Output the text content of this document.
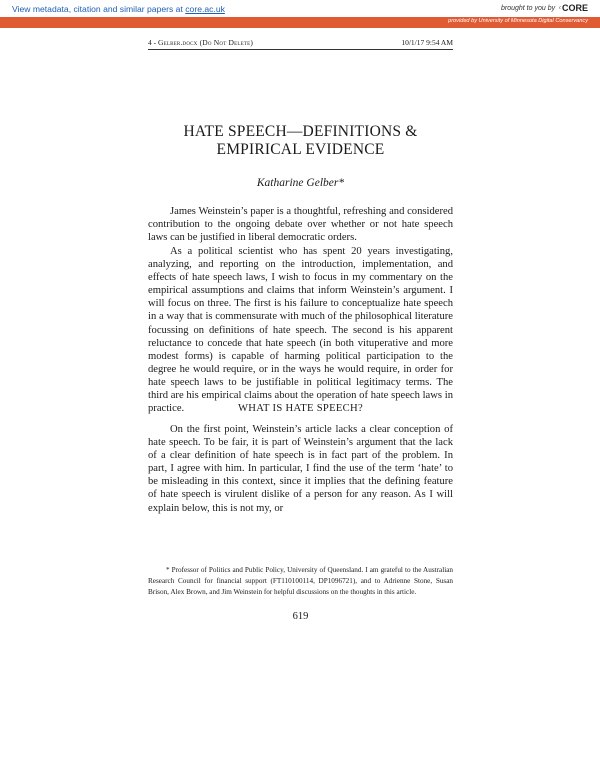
View metadata, citation and similar papers at core.ac.uk	brought to you by 𝔠 CORE
provided by University of Minnesota Digital Conservancy
4 - Gelber.docx (Do Not Delete)	10/1/17 9:54 AM
HATE SPEECH—DEFINITIONS &
EMPIRICAL EVIDENCE
Katharine Gelber*

James Weinstein’s paper is a thoughtful, refreshing and considered contribution to the ongoing debate over whether or not hate speech laws can be justified in liberal democratic orders.

As a political scientist who has spent 20 years investigating, analyzing, and reporting on the introduction, implementation, and effects of hate speech laws, I wish to focus in my commentary on the empirical assumptions and claims that inform Weinstein’s argument. I will focus on three. The first is his failure to conceptualize hate speech in a way that is commensurate with much of the philosophical literature focussing on definitions of hate speech. The second is his apparent reluctance to concede that hate speech (in both vituperative and more modest forms) is capable of harming political participation to the degree he would require, or in the ways he would require, in order for hate speech laws to be justifiable in political legitimacy terms. The third are his empirical claims about the operation of hate speech laws in practice.	WHAT IS HATE SPEECH?

On the first point, Weinstein’s article lacks a clear conception of hate speech. To be fair, it is part of Weinstein’s argument that the lack of a clear definition of hate speech is in fact part of the problem. In part, I agree with him. In particular, I find the use of the term ‘hate’ to be misleading in this context, since it implies that the defining feature of hate speech is virulent dislike of a person for any reason. As I will explain below, this is not my, or

* Professor of Politics and Public Policy, University of Queensland. I am grateful to the Australian Research Council for financial support (FT110100114, DP1096721), and to Adrienne Stone, Susan Brison, Alex Brown, and Jim Weinstein for helpful discussions on the thoughts in this article.

619
